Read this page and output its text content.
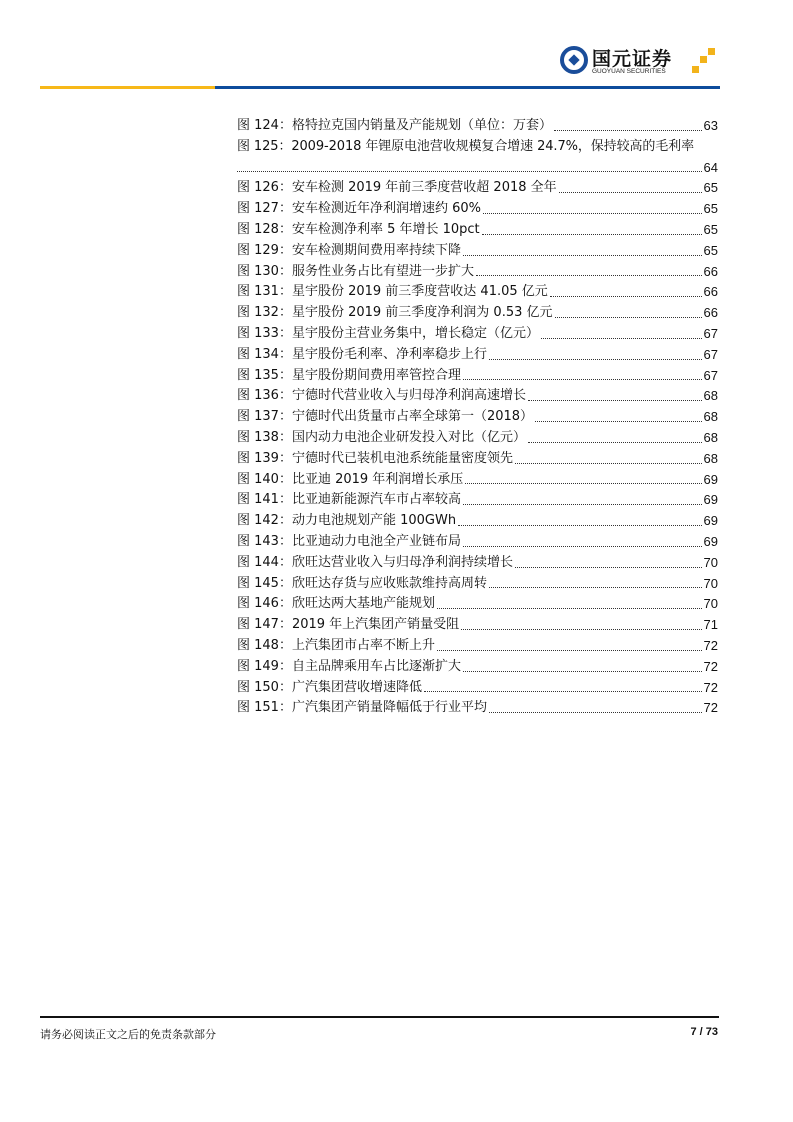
国元证券
GUOYUAN SECURITIES
图 124：格特拉克国内销量及产能规划（单位：万套）	63
图 125：2009-2018 年锂原电池营收规模复合增速 24.7%，保持较高的毛利率
64
图 126：安车检测 2019 年前三季度营收超 2018 全年	65
图 127：安车检测近年净利润增速约 60%	65
图 128：安车检测净利率 5 年增长 10pct	65
图 129：安车检测期间费用率持续下降	65
图 130：服务性业务占比有望进一步扩大	66
图 131：星宇股份 2019 前三季度营收达 41.05 亿元	66
图 132：星宇股份 2019 前三季度净利润为 0.53 亿元	66
图 133：星宇股份主营业务集中，增长稳定（亿元）	67
图 134：星宇股份毛利率、净利率稳步上行	67
图 135：星宇股份期间费用率管控合理	67
图 136：宁德时代营业收入与归母净利润高速增长	68
图 137：宁德时代出货量市占率全球第一（2018）	68
图 138：国内动力电池企业研发投入对比（亿元）	68
图 139：宁德时代已装机电池系统能量密度领先	68
图 140：比亚迪 2019 年利润增长承压	69
图 141：比亚迪新能源汽车市占率较高	69
图 142：动力电池规划产能 100GWh	69
图 143：比亚迪动力电池全产业链布局	69
图 144：欣旺达营业收入与归母净利润持续增长	70
图 145：欣旺达存货与应收账款维持高周转	70
图 146：欣旺达两大基地产能规划	70
图 147：2019 年上汽集团产销量受阻	71
图 148：上汽集团市占率不断上升	72
图 149：自主品牌乘用车占比逐渐扩大	72
图 150：广汽集团营收增速降低	72
图 151：广汽集团产销量降幅低于行业平均	72
请务必阅读正文之后的免责条款部分	7 / 73
